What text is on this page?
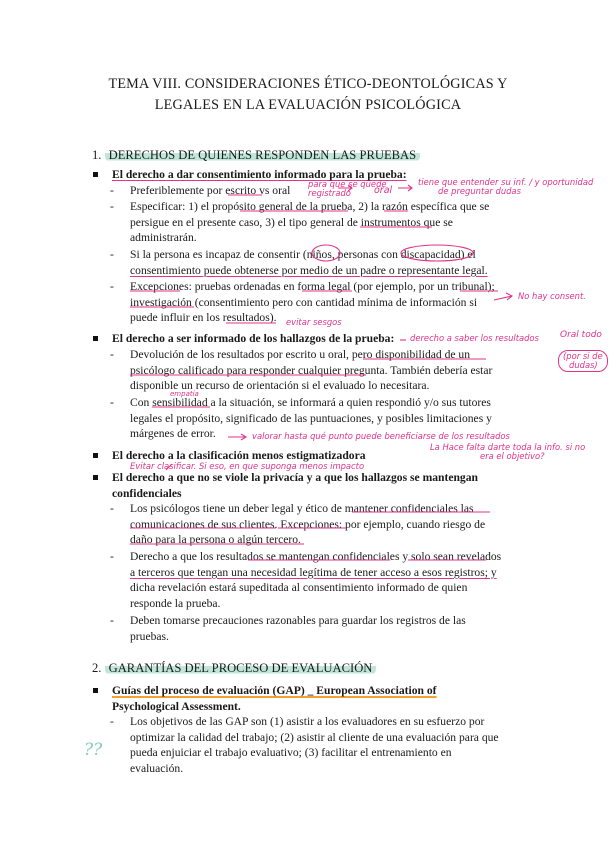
TEMA VIII. CONSIDERACIONES ÉTICO-DEONTOLÓGICAS Y
LEGALES EN LA EVALUACIÓN PSICOLÓGICA
1. DERECHOS DE QUIENES RESPONDEN LAS PRUEBAS
El derecho a dar consentimiento informado para la prueba:
- Preferiblemente por escrito vs oral
- Especificar: 1) el propósito general de la prueba, 2) la razón específica que se
persigue en el presente caso, 3) el tipo general de instrumentos que se
administrarán.
- Si la persona es incapaz de consentir (niños, personas con discapacidad) el
consentimiento puede obtenerse por medio de un padre o representante legal.
- Excepciones: pruebas ordenadas en forma legal (por ejemplo, por un tribunal);
investigación (consentimiento pero con cantidad mínima de información si
puede influir en los resultados).
El derecho a ser informado de los hallazgos de la prueba:
- Devolución de los resultados por escrito u oral, pero disponibilidad de un
psicólogo calificado para responder cualquier pregunta. También debería estar
disponible un recurso de orientación si el evaluado lo necesitara.
- Con sensibilidad a la situación, se informará a quien respondió y/o sus tutores
legales el propósito, significado de las puntuaciones, y posibles limitaciones y
márgenes de error.
El derecho a la clasificación menos estigmatizadora
El derecho a que no se viole la privacía y a que los hallazgos se mantengan
confidenciales
- Los psicólogos tiene un deber legal y ético de mantener confidenciales las
comunicaciones de sus clientes. Excepciones: por ejemplo, cuando riesgo de
daño para la persona o algún tercero.
- Derecho a que los resultados se mantengan confidenciales y solo sean revelados
a terceros que tengan una necesidad legítima de tener acceso a esos registros; y
dicha revelación estará supeditada al consentimiento informado de quien
responde la prueba.
- Deben tomarse precauciones razonables para guardar los registros de las
pruebas.
2. GARANTÍAS DEL PROCESO DE EVALUACIÓN
Guías del proceso de evaluación (GAP) _ European Association of
Psychological Assessment.
- Los objetivos de las GAP son (1) asistir a los evaluadores en su esfuerzo por
optimizar la calidad del trabajo; (2) asistir al cliente de una evaluación para que
pueda enjuiciar el trabajo evaluativo; (3) facilitar el entrenamiento en
evaluación.
para que se quede
registrado	oral
tiene que entender su inf. / y oportunidad
de preguntar dudas
No hay consent.
evitar sesgos
derecho a saber los resultados Oral todo
(por si de
dudas)
empatía
valorar hasta qué punto puede beneficiarse de los resultados
La Hace falta darte toda la info. si no
era el objetivo?
Evitar clasificar. Si eso, en que suponga menos impacto
??
